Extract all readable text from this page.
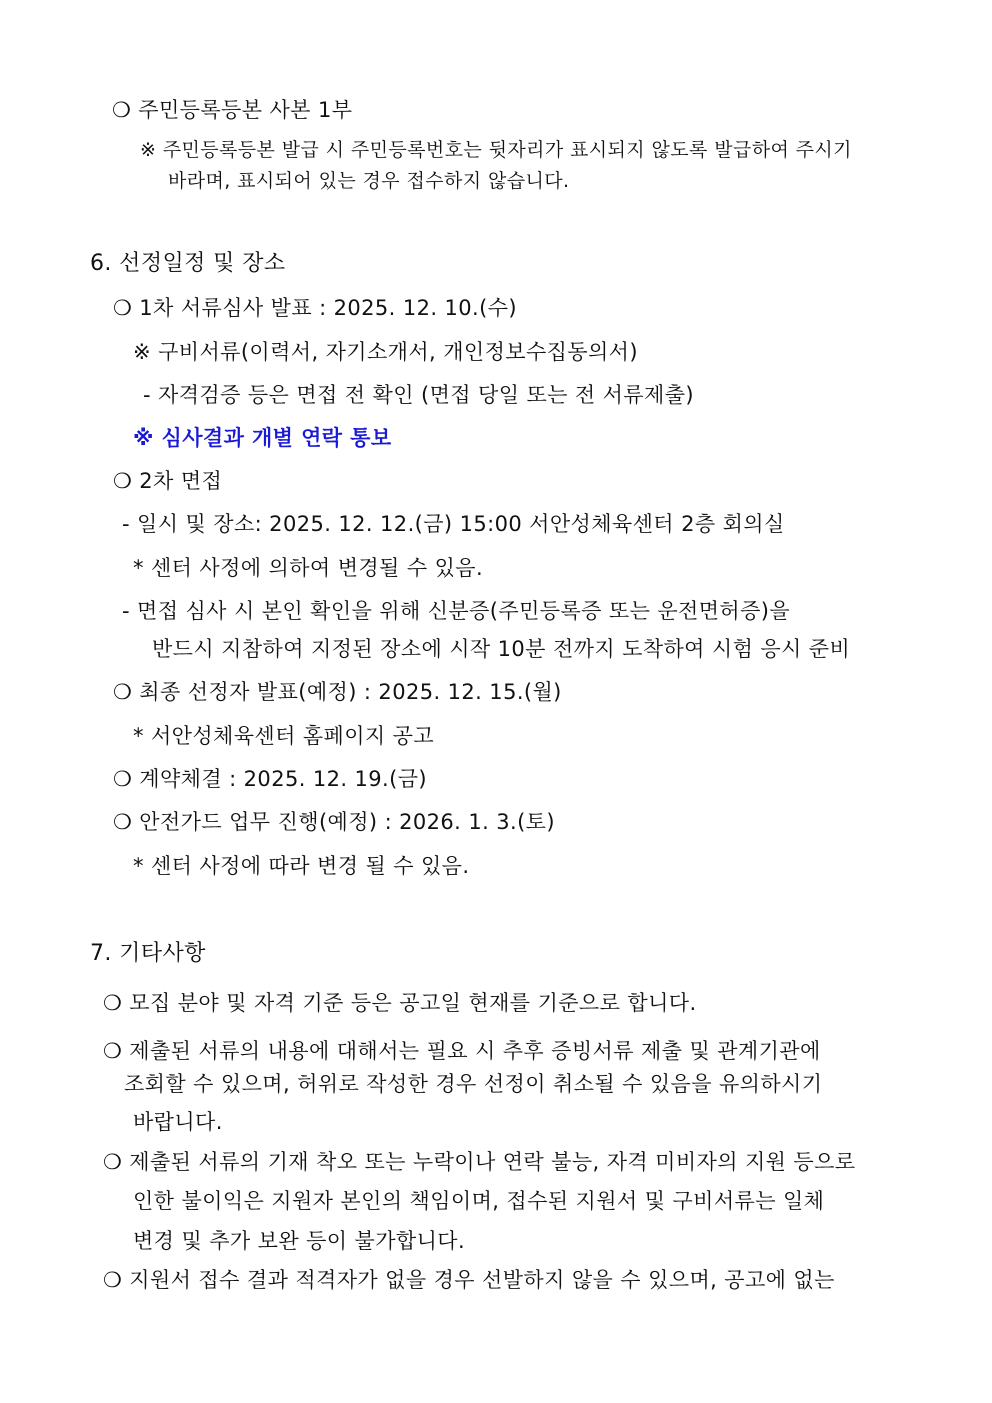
❍ 주민등록등본 사본 1부
※ 주민등록등본 발급 시 주민등록번호는 뒷자리가 표시되지 않도록 발급하여 주시기
바라며, 표시되어 있는 경우 접수하지 않습니다.
6. 선정일정 및 장소
❍ 1차 서류심사 발표 : 2025. 12. 10.(수)
※ 구비서류(이력서, 자기소개서, 개인정보수집동의서)
- 자격검증 등은 면접 전 확인 (면접 당일 또는 전 서류제출)
※ 심사결과 개별 연락 통보
❍ 2차 면접
- 일시 및 장소: 2025. 12. 12.(금) 15:00 서안성체육센터 2층 회의실
* 센터 사정에 의하여 변경될 수 있음.
- 면접 심사 시 본인 확인을 위해 신분증(주민등록증 또는 운전면허증)을
반드시 지참하여 지정된 장소에 시작 10분 전까지 도착하여 시험 응시 준비
❍ 최종 선정자 발표(예정) : 2025. 12. 15.(월)
* 서안성체육센터 홈페이지 공고
❍ 계약체결 : 2025. 12. 19.(금)
❍ 안전가드 업무 진행(예정) : 2026. 1. 3.(토)
* 센터 사정에 따라 변경 될 수 있음.
7. 기타사항
❍ 모집 분야 및 자격 기준 등은 공고일 현재를 기준으로 합니다.
❍ 제출된 서류의 내용에 대해서는 필요 시 추후 증빙서류 제출 및 관계기관에
조회할 수 있으며, 허위로 작성한 경우 선정이 취소될 수 있음을 유의하시기
바랍니다.
❍ 제출된 서류의 기재 착오 또는 누락이나 연락 불능, 자격 미비자의 지원 등으로
인한 불이익은 지원자 본인의 책임이며, 접수된 지원서 및 구비서류는 일체
변경 및 추가 보완 등이 불가합니다.
❍ 지원서 접수 결과 적격자가 없을 경우 선발하지 않을 수 있으며, 공고에 없는
